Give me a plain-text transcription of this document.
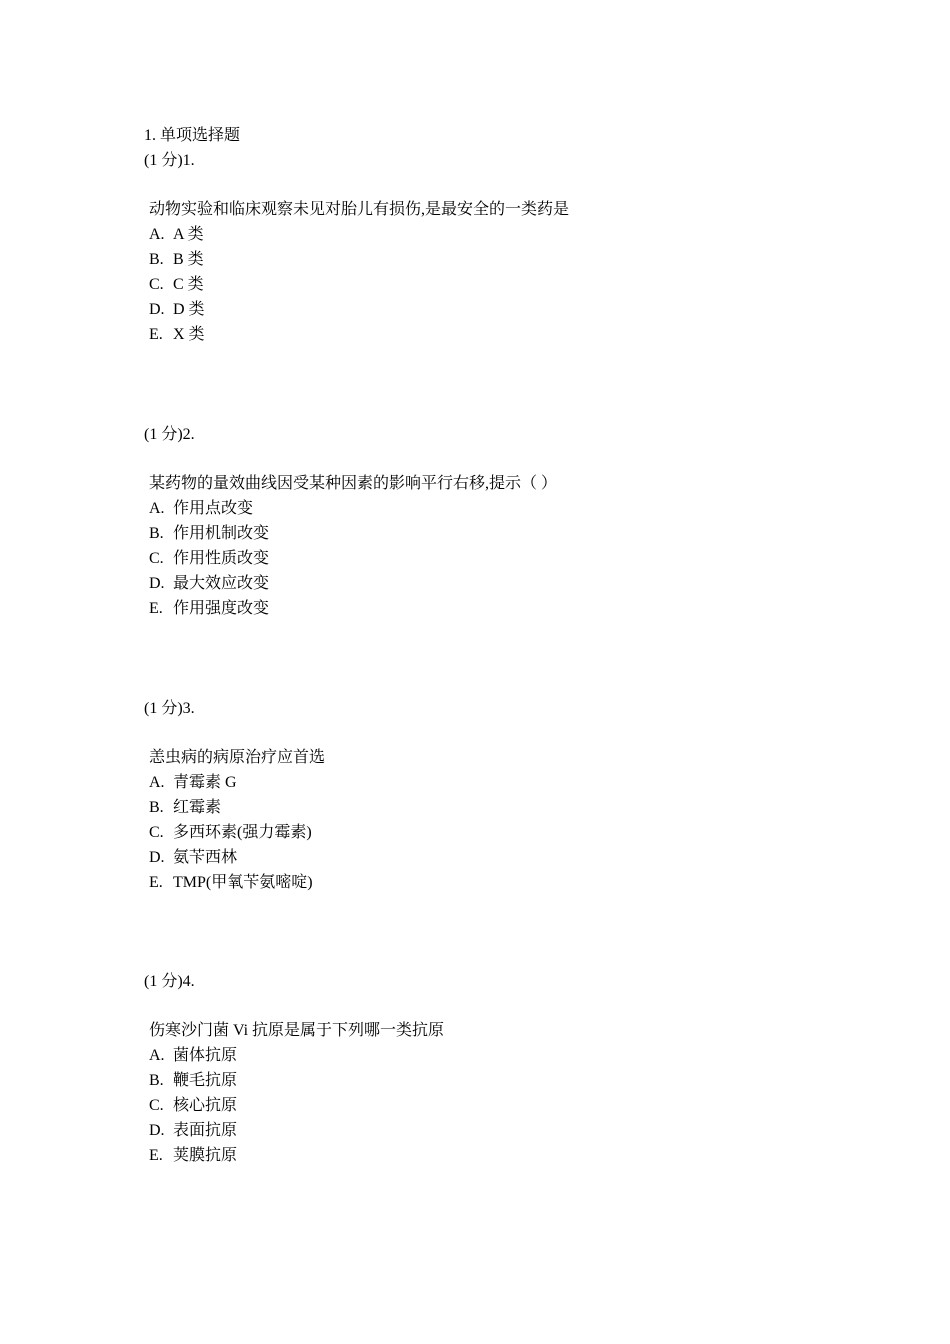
1. 单项选择题
(1 分)1.
动物实验和临床观察未见对胎儿有损伤,是最安全的一类药是
A. A 类
B. B 类
C. C 类
D. D 类
E. X 类
(1 分)2.
某药物的量效曲线因受某种因素的影响平行右移,提示（ ）
A. 作用点改变
B. 作用机制改变
C. 作用性质改变
D. 最大效应改变
E. 作用强度改变
(1 分)3.
恙虫病的病原治疗应首选
A. 青霉素 G
B. 红霉素
C. 多西环素(强力霉素)
D. 氨苄西林
E. TMP(甲氧苄氨嘧啶)
(1 分)4.
伤寒沙门菌 Vi 抗原是属于下列哪一类抗原
A. 菌体抗原
B. 鞭毛抗原
C. 核心抗原
D. 表面抗原
E. 荚膜抗原
